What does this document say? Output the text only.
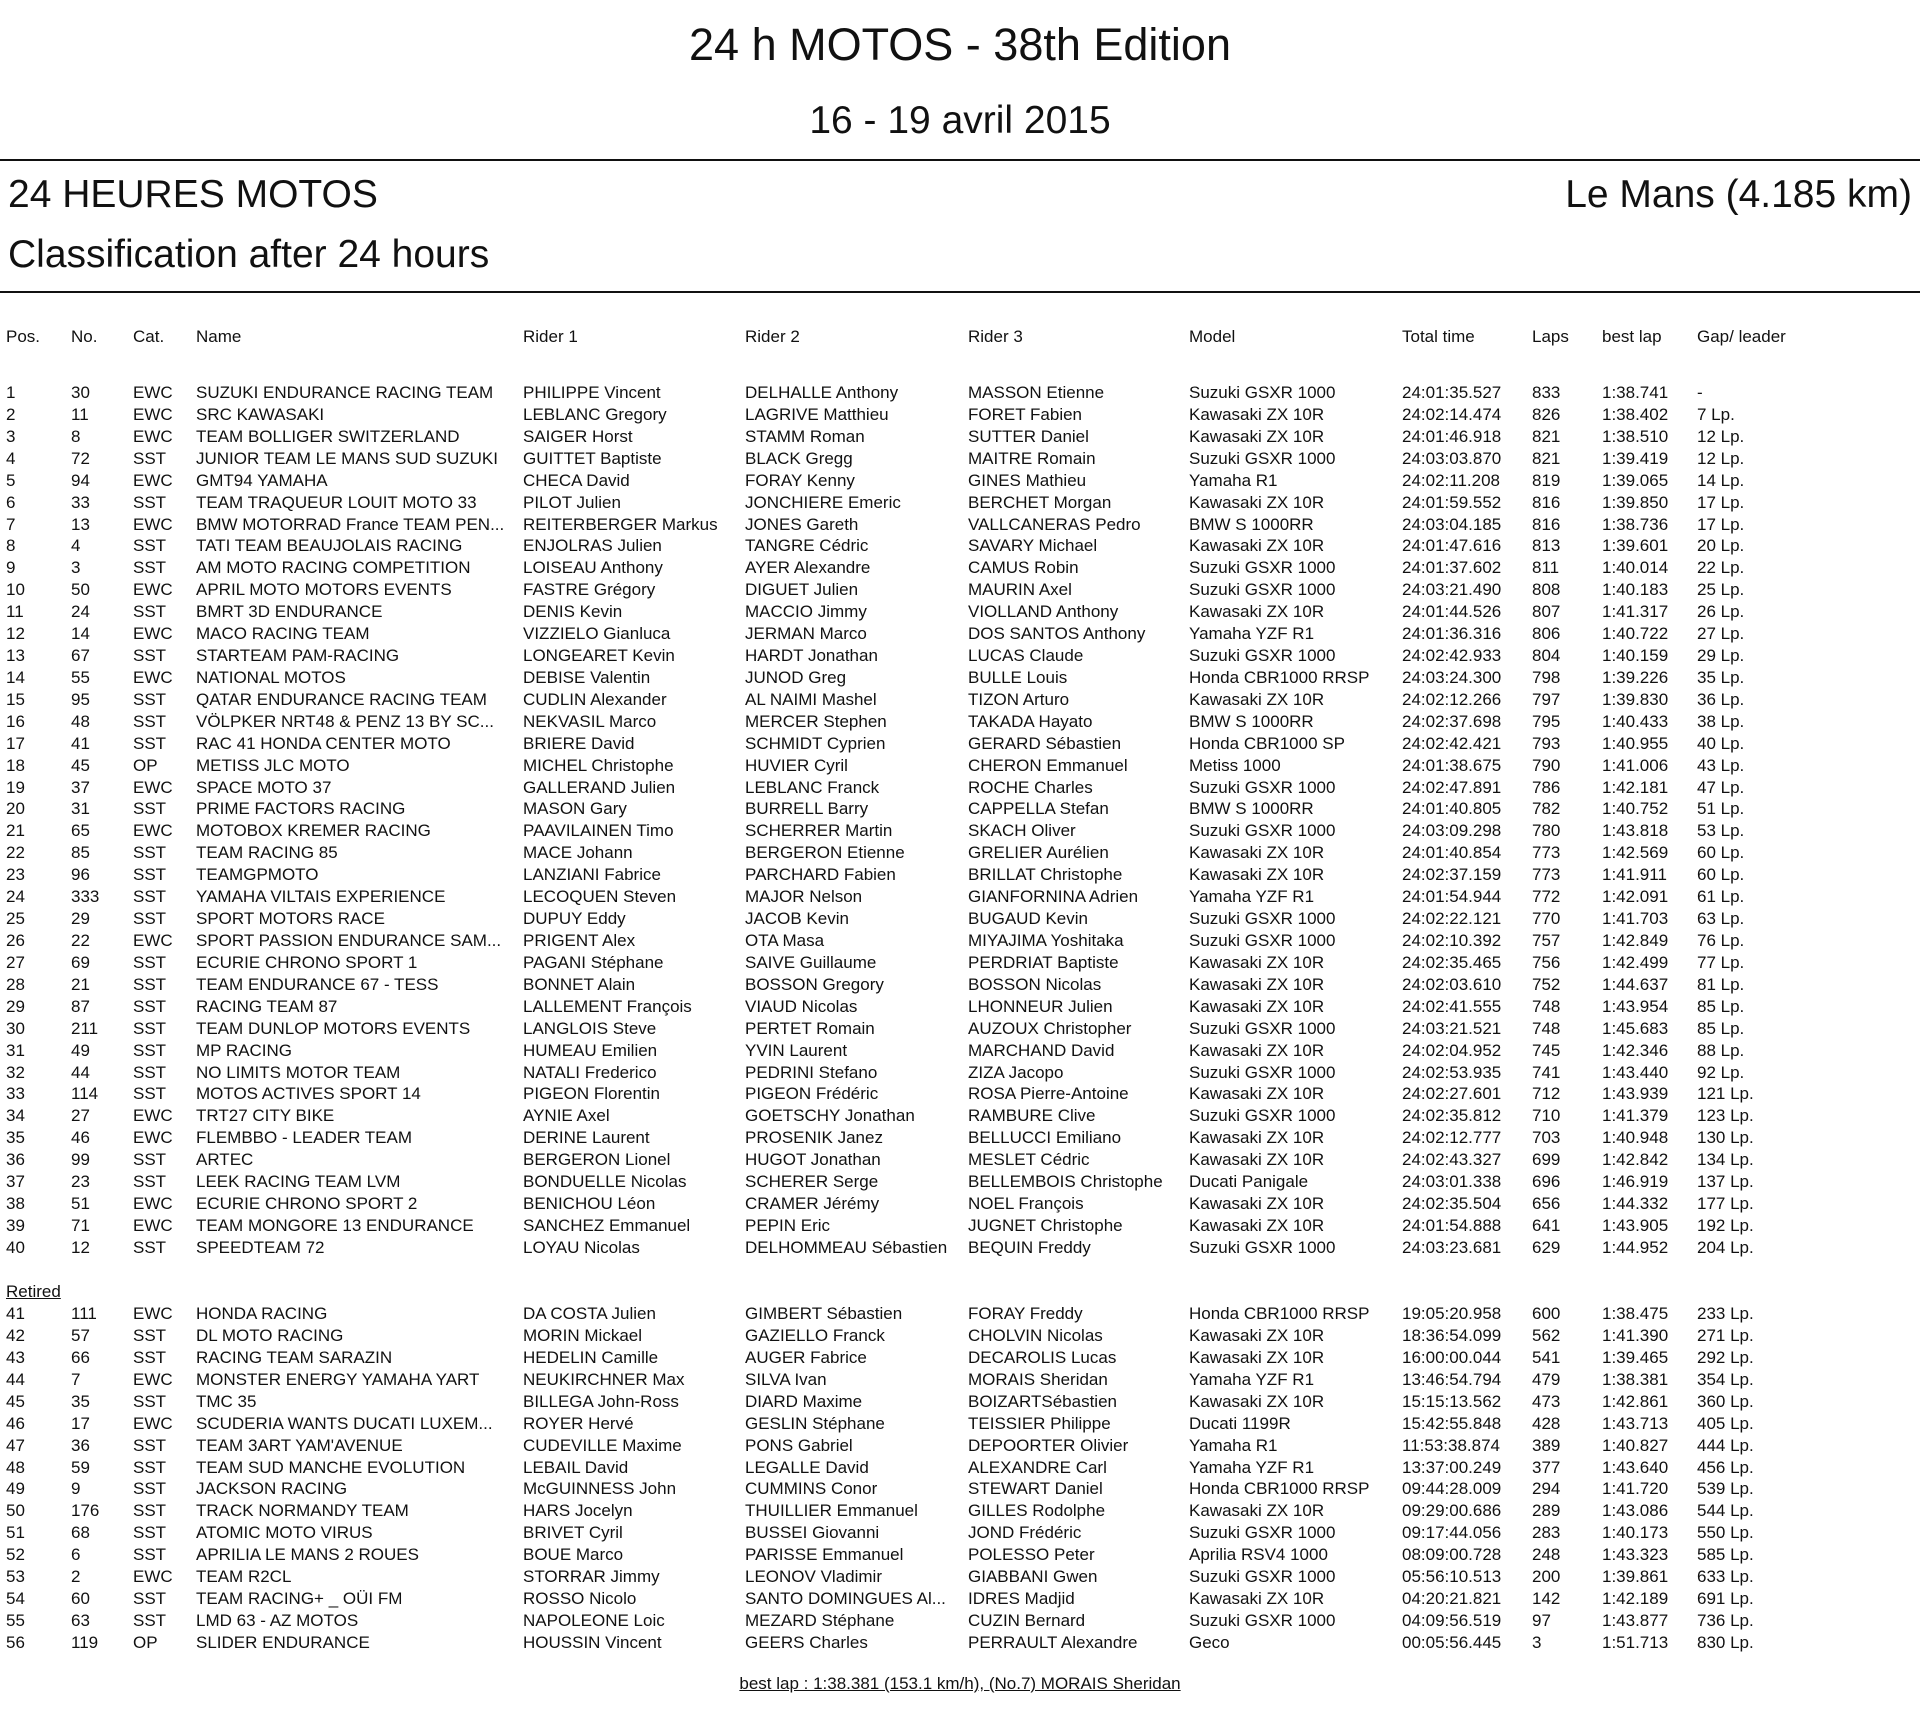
24 h MOTOS - 38th Edition
16 - 19 avril 2015
24 HEURES MOTOS	Le Mans (4.185 km)
Classification after 24 hours
Pos.	No.	Cat.	Name	Rider 1	Rider 2	Rider 3	Model	Total time	Laps	best lap	Gap/ leader
1	30	EWC	SUZUKI ENDURANCE RACING TEAM	PHILIPPE Vincent	DELHALLE Anthony	MASSON Etienne	Suzuki GSXR 1000	24:01:35.527	833	1:38.741	-
2	11	EWC	SRC KAWASAKI	LEBLANC Gregory	LAGRIVE Matthieu	FORET Fabien	Kawasaki ZX 10R	24:02:14.474	826	1:38.402	7 Lp.
3	8	EWC	TEAM BOLLIGER SWITZERLAND	SAIGER Horst	STAMM Roman	SUTTER Daniel	Kawasaki ZX 10R	24:01:46.918	821	1:38.510	12 Lp.
4	72	SST	JUNIOR TEAM LE MANS SUD SUZUKI	GUITTET Baptiste	BLACK Gregg	MAITRE Romain	Suzuki GSXR 1000	24:03:03.870	821	1:39.419	12 Lp.
5	94	EWC	GMT94 YAMAHA	CHECA David	FORAY Kenny	GINES Mathieu	Yamaha R1	24:02:11.208	819	1:39.065	14 Lp.
6	33	SST	TEAM TRAQUEUR LOUIT MOTO 33	PILOT Julien	JONCHIERE Emeric	BERCHET Morgan	Kawasaki ZX 10R	24:01:59.552	816	1:39.850	17 Lp.
7	13	EWC	BMW MOTORRAD France TEAM PEN...	REITERBERGER Markus	JONES Gareth	VALLCANERAS Pedro	BMW S 1000RR	24:03:04.185	816	1:38.736	17 Lp.
8	4	SST	TATI TEAM BEAUJOLAIS RACING	ENJOLRAS Julien	TANGRE Cédric	SAVARY Michael	Kawasaki ZX 10R	24:01:47.616	813	1:39.601	20 Lp.
9	3	SST	AM MOTO RACING COMPETITION	LOISEAU Anthony	AYER Alexandre	CAMUS Robin	Suzuki GSXR 1000	24:01:37.602	811	1:40.014	22 Lp.
10	50	EWC	APRIL MOTO MOTORS EVENTS	FASTRE Grégory	DIGUET Julien	MAURIN Axel	Suzuki GSXR 1000	24:03:21.490	808	1:40.183	25 Lp.
11	24	SST	BMRT 3D ENDURANCE	DENIS Kevin	MACCIO Jimmy	VIOLLAND Anthony	Kawasaki ZX 10R	24:01:44.526	807	1:41.317	26 Lp.
12	14	EWC	MACO RACING TEAM	VIZZIELO Gianluca	JERMAN Marco	DOS SANTOS Anthony	Yamaha YZF R1	24:01:36.316	806	1:40.722	27 Lp.
13	67	SST	STARTEAM PAM-RACING	LONGEARET Kevin	HARDT Jonathan	LUCAS Claude	Suzuki GSXR 1000	24:02:42.933	804	1:40.159	29 Lp.
14	55	EWC	NATIONAL MOTOS	DEBISE Valentin	JUNOD Greg	BULLE Louis	Honda CBR1000 RRSP	24:03:24.300	798	1:39.226	35 Lp.
15	95	SST	QATAR ENDURANCE RACING TEAM	CUDLIN Alexander	AL NAIMI Mashel	TIZON Arturo	Kawasaki ZX 10R	24:02:12.266	797	1:39.830	36 Lp.
16	48	SST	VÖLPKER NRT48 & PENZ 13 BY SC...	NEKVASIL Marco	MERCER Stephen	TAKADA Hayato	BMW S 1000RR	24:02:37.698	795	1:40.433	38 Lp.
17	41	SST	RAC 41 HONDA CENTER MOTO	BRIERE David	SCHMIDT Cyprien	GERARD Sébastien	Honda CBR1000 SP	24:02:42.421	793	1:40.955	40 Lp.
18	45	OP	METISS JLC MOTO	MICHEL Christophe	HUVIER Cyril	CHERON Emmanuel	Metiss 1000	24:01:38.675	790	1:41.006	43 Lp.
19	37	EWC	SPACE MOTO 37	GALLERAND Julien	LEBLANC Franck	ROCHE Charles	Suzuki GSXR 1000	24:02:47.891	786	1:42.181	47 Lp.
20	31	SST	PRIME FACTORS RACING	MASON Gary	BURRELL Barry	CAPPELLA Stefan	BMW S 1000RR	24:01:40.805	782	1:40.752	51 Lp.
21	65	EWC	MOTOBOX KREMER RACING	PAAVILAINEN Timo	SCHERRER Martin	SKACH Oliver	Suzuki GSXR 1000	24:03:09.298	780	1:43.818	53 Lp.
22	85	SST	TEAM RACING 85	MACE Johann	BERGERON Etienne	GRELIER Aurélien	Kawasaki ZX 10R	24:01:40.854	773	1:42.569	60 Lp.
23	96	SST	TEAMGPMOTO	LANZIANI Fabrice	PARCHARD Fabien	BRILLAT Christophe	Kawasaki ZX 10R	24:02:37.159	773	1:41.911	60 Lp.
24	333	SST	YAMAHA VILTAIS EXPERIENCE	LECOQUEN Steven	MAJOR Nelson	GIANFORNINA Adrien	Yamaha YZF R1	24:01:54.944	772	1:42.091	61 Lp.
25	29	SST	SPORT MOTORS RACE	DUPUY Eddy	JACOB Kevin	BUGAUD Kevin	Suzuki GSXR 1000	24:02:22.121	770	1:41.703	63 Lp.
26	22	EWC	SPORT PASSION ENDURANCE SAM...	PRIGENT Alex	OTA Masa	MIYAJIMA Yoshitaka	Suzuki GSXR 1000	24:02:10.392	757	1:42.849	76 Lp.
27	69	SST	ECURIE CHRONO SPORT 1	PAGANI Stéphane	SAIVE Guillaume	PERDRIAT Baptiste	Kawasaki ZX 10R	24:02:35.465	756	1:42.499	77 Lp.
28	21	SST	TEAM ENDURANCE 67 - TESS	BONNET Alain	BOSSON Gregory	BOSSON Nicolas	Kawasaki ZX 10R	24:02:03.610	752	1:44.637	81 Lp.
29	87	SST	RACING TEAM 87	LALLEMENT François	VIAUD Nicolas	LHONNEUR Julien	Kawasaki ZX 10R	24:02:41.555	748	1:43.954	85 Lp.
30	211	SST	TEAM DUNLOP MOTORS EVENTS	LANGLOIS Steve	PERTET Romain	AUZOUX Christopher	Suzuki GSXR 1000	24:03:21.521	748	1:45.683	85 Lp.
31	49	SST	MP RACING	HUMEAU Emilien	YVIN Laurent	MARCHAND David	Kawasaki ZX 10R	24:02:04.952	745	1:42.346	88 Lp.
32	44	SST	NO LIMITS MOTOR TEAM	NATALI Frederico	PEDRINI Stefano	ZIZA Jacopo	Suzuki GSXR 1000	24:02:53.935	741	1:43.440	92 Lp.
33	114	SST	MOTOS ACTIVES SPORT 14	PIGEON Florentin	PIGEON Frédéric	ROSA Pierre-Antoine	Kawasaki ZX 10R	24:02:27.601	712	1:43.939	121 Lp.
34	27	EWC	TRT27 CITY BIKE	AYNIE Axel	GOETSCHY Jonathan	RAMBURE Clive	Suzuki GSXR 1000	24:02:35.812	710	1:41.379	123 Lp.
35	46	EWC	FLEMBBO - LEADER TEAM	DERINE Laurent	PROSENIK Janez	BELLUCCI Emiliano	Kawasaki ZX 10R	24:02:12.777	703	1:40.948	130 Lp.
36	99	SST	ARTEC	BERGERON Lionel	HUGOT Jonathan	MESLET Cédric	Kawasaki ZX 10R	24:02:43.327	699	1:42.842	134 Lp.
37	23	SST	LEEK RACING TEAM LVM	BONDUELLE Nicolas	SCHERER Serge	BELLEMBOIS Christophe	Ducati Panigale	24:03:01.338	696	1:46.919	137 Lp.
38	51	EWC	ECURIE CHRONO SPORT 2	BENICHOU Léon	CRAMER Jérémy	NOEL François	Kawasaki ZX 10R	24:02:35.504	656	1:44.332	177 Lp.
39	71	EWC	TEAM MONGORE 13 ENDURANCE	SANCHEZ Emmanuel	PEPIN Eric	JUGNET Christophe	Kawasaki ZX 10R	24:01:54.888	641	1:43.905	192 Lp.
40	12	SST	SPEEDTEAM 72	LOYAU Nicolas	DELHOMMEAU Sébastien	BEQUIN Freddy	Suzuki GSXR 1000	24:03:23.681	629	1:44.952	204 Lp.
Retired
41	111	EWC	HONDA RACING	DA COSTA Julien	GIMBERT Sébastien	FORAY Freddy	Honda CBR1000 RRSP	19:05:20.958	600	1:38.475	233 Lp.
42	57	SST	DL MOTO RACING	MORIN Mickael	GAZIELLO Franck	CHOLVIN Nicolas	Kawasaki ZX 10R	18:36:54.099	562	1:41.390	271 Lp.
43	66	SST	RACING TEAM SARAZIN	HEDELIN Camille	AUGER Fabrice	DECAROLIS Lucas	Kawasaki ZX 10R	16:00:00.044	541	1:39.465	292 Lp.
44	7	EWC	MONSTER ENERGY YAMAHA YART	NEUKIRCHNER Max	SILVA Ivan	MORAIS Sheridan	Yamaha YZF R1	13:46:54.794	479	1:38.381	354 Lp.
45	35	SST	TMC 35	BILLEGA John-Ross	DIARD Maxime	BOIZARTSébastien	Kawasaki ZX 10R	15:15:13.562	473	1:42.861	360 Lp.
46	17	EWC	SCUDERIA WANTS DUCATI LUXEM...	ROYER Hervé	GESLIN Stéphane	TEISSIER Philippe	Ducati 1199R	15:42:55.848	428	1:43.713	405 Lp.
47	36	SST	TEAM 3ART YAM'AVENUE	CUDEVILLE Maxime	PONS Gabriel	DEPOORTER Olivier	Yamaha R1	11:53:38.874	389	1:40.827	444 Lp.
48	59	SST	TEAM SUD MANCHE EVOLUTION	LEBAIL David	LEGALLE David	ALEXANDRE Carl	Yamaha YZF R1	13:37:00.249	377	1:43.640	456 Lp.
49	9	SST	JACKSON RACING	McGUINNESS John	CUMMINS Conor	STEWART Daniel	Honda CBR1000 RRSP	09:44:28.009	294	1:41.720	539 Lp.
50	176	SST	TRACK NORMANDY TEAM	HARS Jocelyn	THUILLIER Emmanuel	GILLES Rodolphe	Kawasaki ZX 10R	09:29:00.686	289	1:43.086	544 Lp.
51	68	SST	ATOMIC MOTO VIRUS	BRIVET Cyril	BUSSEI Giovanni	JOND Frédéric	Suzuki GSXR 1000	09:17:44.056	283	1:40.173	550 Lp.
52	6	SST	APRILIA LE MANS 2 ROUES	BOUE Marco	PARISSE Emmanuel	POLESSO Peter	Aprilia RSV4 1000	08:09:00.728	248	1:43.323	585 Lp.
53	2	EWC	TEAM R2CL	STORRAR Jimmy	LEONOV Vladimir	GIABBANI Gwen	Suzuki GSXR 1000	05:56:10.513	200	1:39.861	633 Lp.
54	60	SST	TEAM RACING+ _ OÜI FM	ROSSO Nicolo	SANTO DOMINGUES Al...	IDRES Madjid	Kawasaki ZX 10R	04:20:21.821	142	1:42.189	691 Lp.
55	63	SST	LMD 63 - AZ MOTOS	NAPOLEONE Loic	MEZARD Stéphane	CUZIN Bernard	Suzuki GSXR 1000	04:09:56.519	97	1:43.877	736 Lp.
56	119	OP	SLIDER ENDURANCE	HOUSSIN Vincent	GEERS Charles	PERRAULT Alexandre	Geco	00:05:56.445	3	1:51.713	830 Lp.
best lap : 1:38.381 (153.1 km/h), (No.7) MORAIS Sheridan
